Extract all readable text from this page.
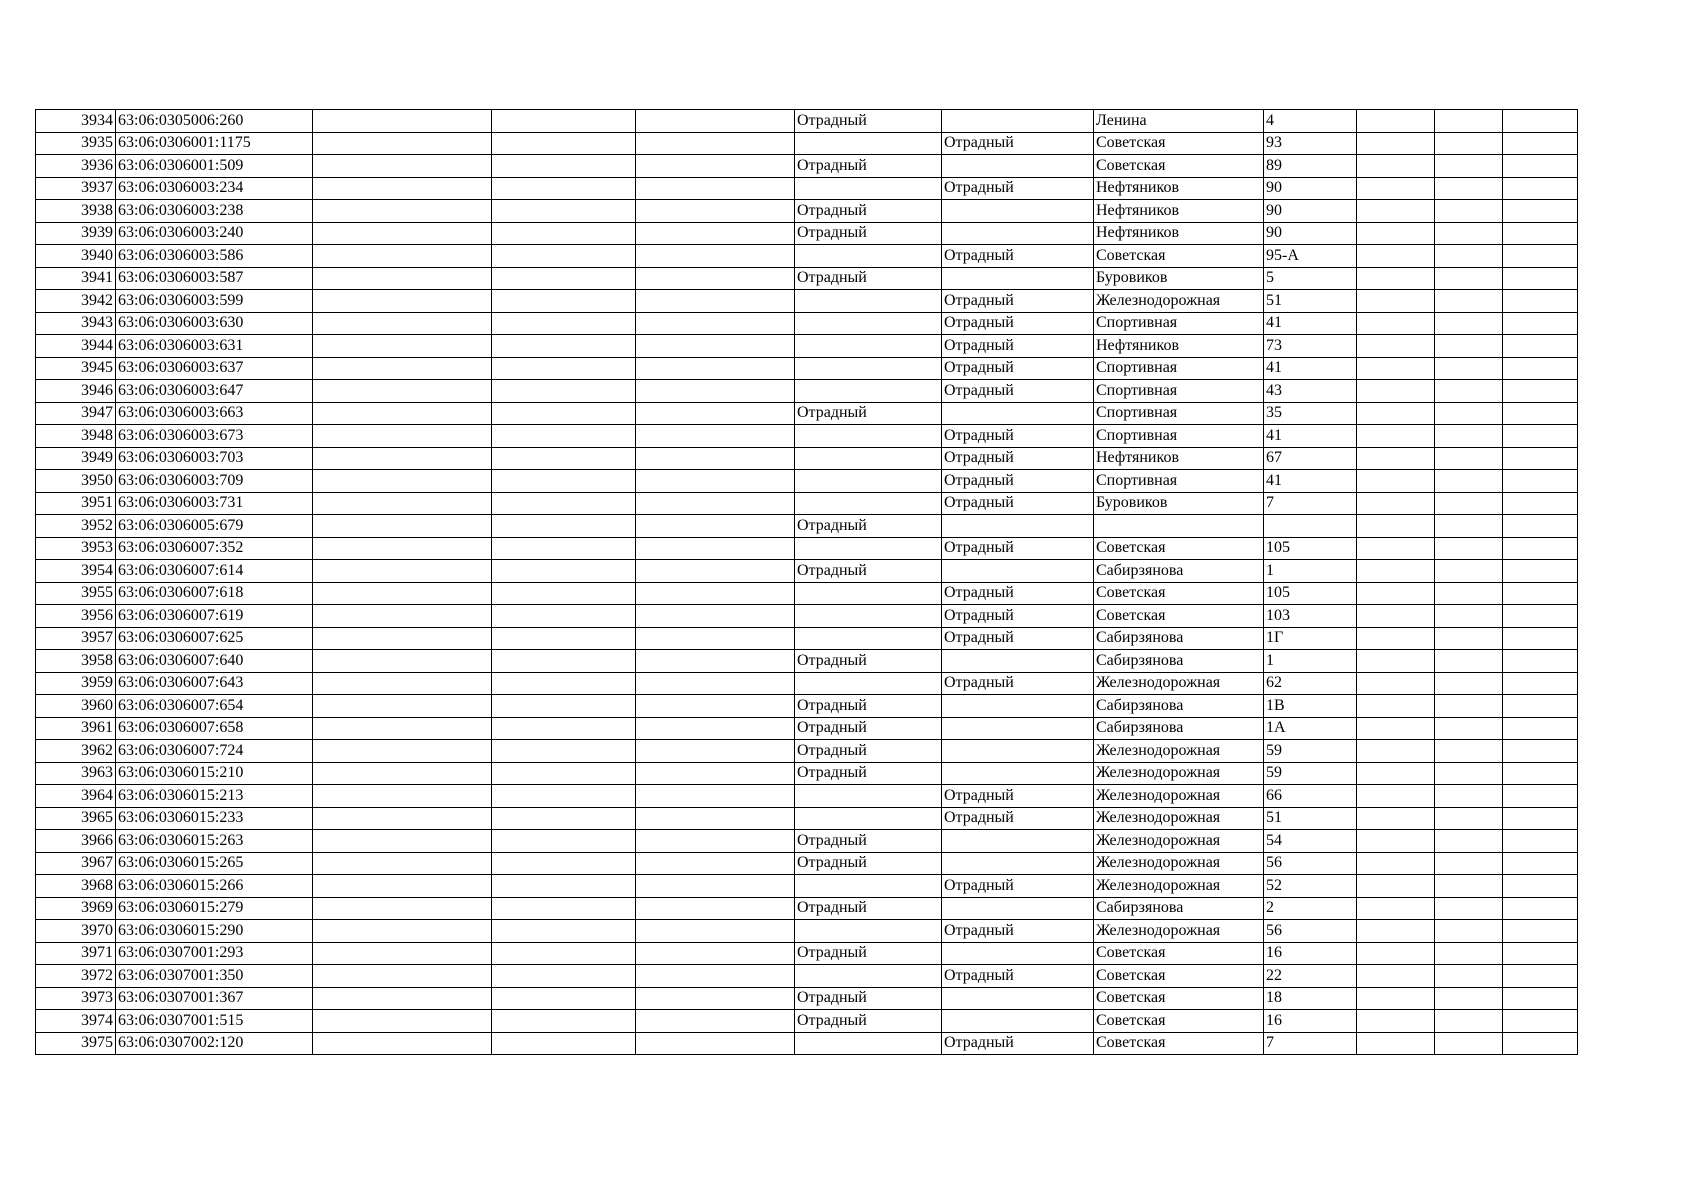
3934	63:06:0305006:260				Отрадный		Ленина	4			
3935	63:06:0306001:1175					Отрадный	Советская	93			
3936	63:06:0306001:509				Отрадный		Советская	89			
3937	63:06:0306003:234					Отрадный	Нефтяников	90			
3938	63:06:0306003:238				Отрадный		Нефтяников	90			
3939	63:06:0306003:240				Отрадный		Нефтяников	90			
3940	63:06:0306003:586					Отрадный	Советская	95-А			
3941	63:06:0306003:587				Отрадный		Буровиков	5			
3942	63:06:0306003:599					Отрадный	Железнодорожная	51			
3943	63:06:0306003:630					Отрадный	Спортивная	41			
3944	63:06:0306003:631					Отрадный	Нефтяников	73			
3945	63:06:0306003:637					Отрадный	Спортивная	41			
3946	63:06:0306003:647					Отрадный	Спортивная	43			
3947	63:06:0306003:663				Отрадный		Спортивная	35			
3948	63:06:0306003:673					Отрадный	Спортивная	41			
3949	63:06:0306003:703					Отрадный	Нефтяников	67			
3950	63:06:0306003:709					Отрадный	Спортивная	41			
3951	63:06:0306003:731					Отрадный	Буровиков	7			
3952	63:06:0306005:679				Отрадный						
3953	63:06:0306007:352					Отрадный	Советская	105			
3954	63:06:0306007:614				Отрадный		Сабирзянова	1			
3955	63:06:0306007:618					Отрадный	Советская	105			
3956	63:06:0306007:619					Отрадный	Советская	103			
3957	63:06:0306007:625					Отрадный	Сабирзянова	1Г			
3958	63:06:0306007:640				Отрадный		Сабирзянова	1			
3959	63:06:0306007:643					Отрадный	Железнодорожная	62			
3960	63:06:0306007:654				Отрадный		Сабирзянова	1В			
3961	63:06:0306007:658				Отрадный		Сабирзянова	1А			
3962	63:06:0306007:724				Отрадный		Железнодорожная	59			
3963	63:06:0306015:210				Отрадный		Железнодорожная	59			
3964	63:06:0306015:213					Отрадный	Железнодорожная	66			
3965	63:06:0306015:233					Отрадный	Железнодорожная	51			
3966	63:06:0306015:263				Отрадный		Железнодорожная	54			
3967	63:06:0306015:265				Отрадный		Железнодорожная	56			
3968	63:06:0306015:266					Отрадный	Железнодорожная	52			
3969	63:06:0306015:279				Отрадный		Сабирзянова	2			
3970	63:06:0306015:290					Отрадный	Железнодорожная	56			
3971	63:06:0307001:293				Отрадный		Советская	16			
3972	63:06:0307001:350					Отрадный	Советская	22			
3973	63:06:0307001:367				Отрадный		Советская	18			
3974	63:06:0307001:515				Отрадный		Советская	16			
3975	63:06:0307002:120					Отрадный	Советская	7			
